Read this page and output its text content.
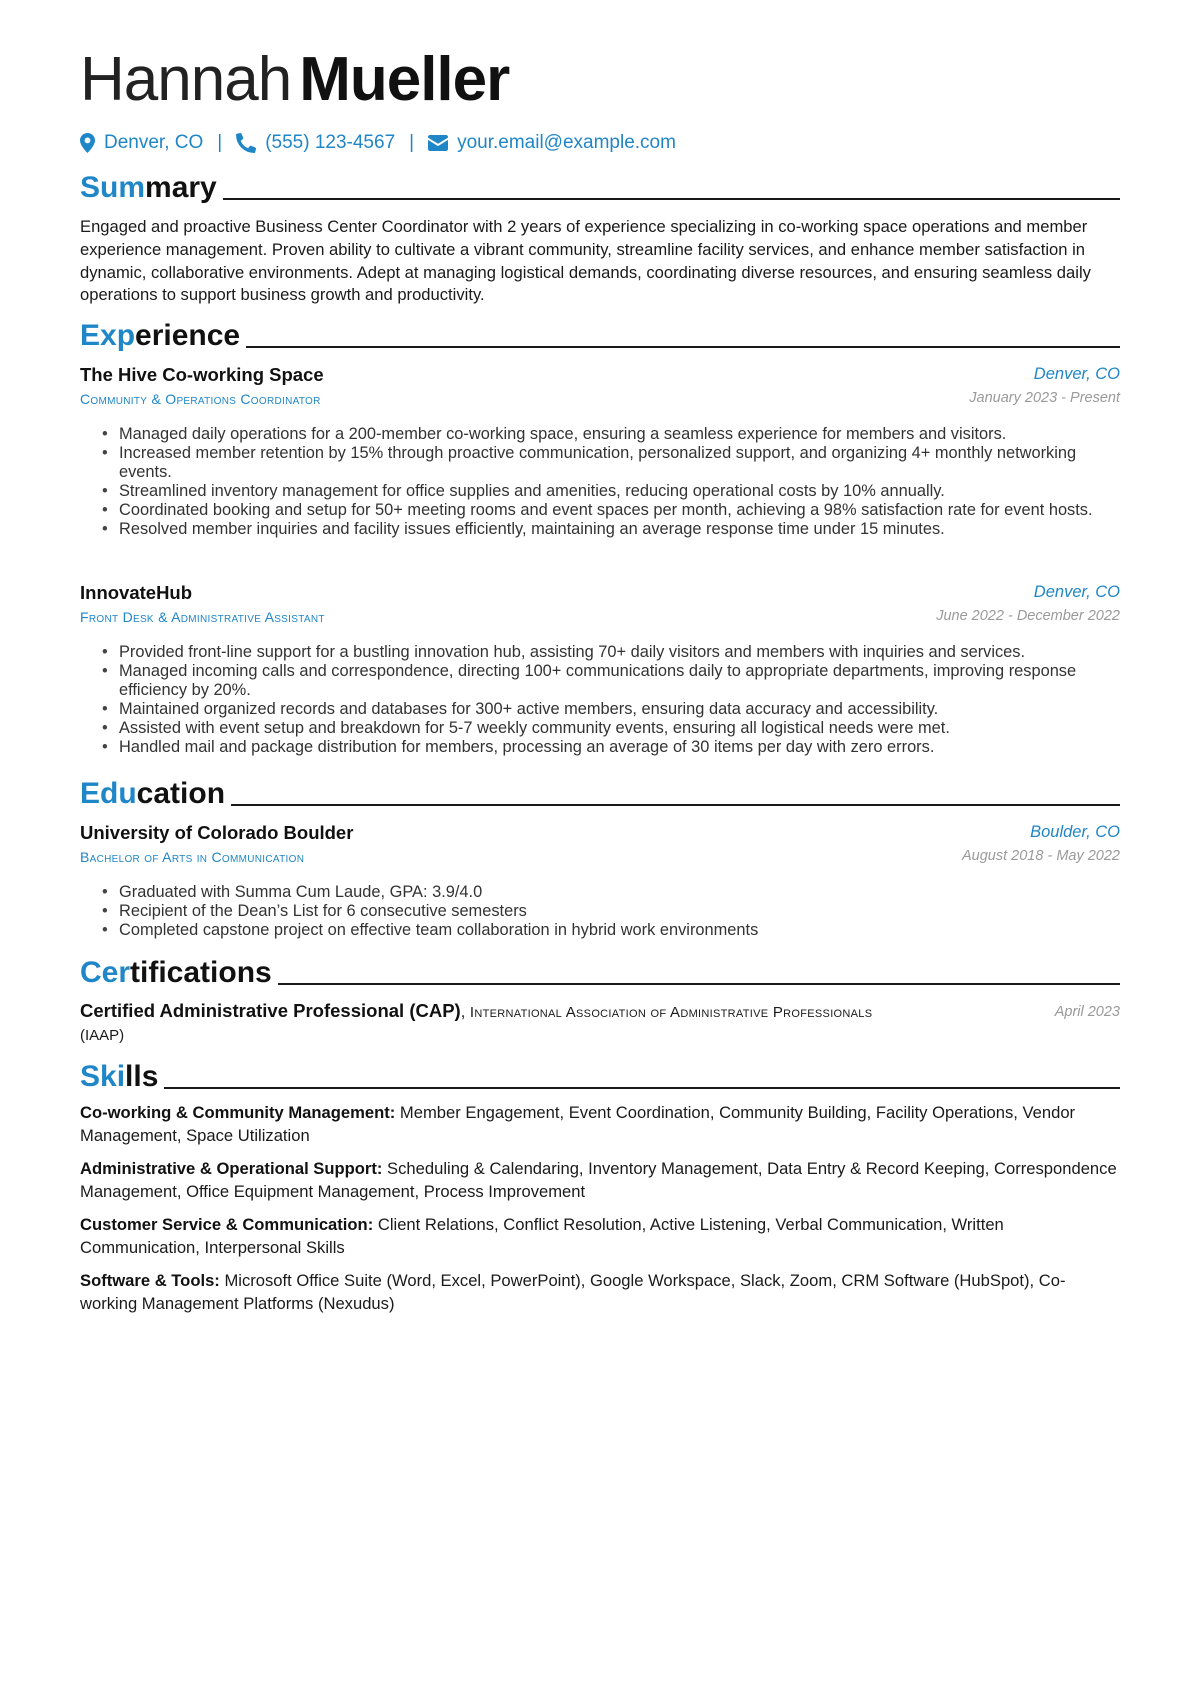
Hannah Mueller
Denver, CO | (555) 123-4567 | your.email@example.com
Summary
Engaged and proactive Business Center Coordinator with 2 years of experience specializing in co-working space operations and member experience management. Proven ability to cultivate a vibrant community, streamline facility services, and enhance member satisfaction in dynamic, collaborative environments. Adept at managing logistical demands, coordinating diverse resources, and ensuring seamless daily operations to support business growth and productivity.
Experience
The Hive Co-working Space	Denver, CO
Community & Operations Coordinator	January 2023 - Present
• Managed daily operations for a 200-member co-working space, ensuring a seamless experience for members and visitors.
• Increased member retention by 15% through proactive communication, personalized support, and organizing 4+ monthly networking events.
• Streamlined inventory management for office supplies and amenities, reducing operational costs by 10% annually.
• Coordinated booking and setup for 50+ meeting rooms and event spaces per month, achieving a 98% satisfaction rate for event hosts.
• Resolved member inquiries and facility issues efficiently, maintaining an average response time under 15 minutes.
InnovateHub	Denver, CO
Front Desk & Administrative Assistant	June 2022 - December 2022
• Provided front-line support for a bustling innovation hub, assisting 70+ daily visitors and members with inquiries and services.
• Managed incoming calls and correspondence, directing 100+ communications daily to appropriate departments, improving response efficiency by 20%.
• Maintained organized records and databases for 300+ active members, ensuring data accuracy and accessibility.
• Assisted with event setup and breakdown for 5-7 weekly community events, ensuring all logistical needs were met.
• Handled mail and package distribution for members, processing an average of 30 items per day with zero errors.
Education
University of Colorado Boulder	Boulder, CO
Bachelor of Arts in Communication	August 2018 - May 2022
• Graduated with Summa Cum Laude, GPA: 3.9/4.0
• Recipient of the Dean’s List for 6 consecutive semesters
• Completed capstone project on effective team collaboration in hybrid work environments
Certifications
Certified Administrative Professional (CAP), International Association of Administrative Professionals
(IAAP)
April 2023
Skills
Co-working & Community Management: Member Engagement, Event Coordination, Community Building, Facility Operations, Vendor Management, Space Utilization
Administrative & Operational Support: Scheduling & Calendaring, Inventory Management, Data Entry & Record Keeping, Correspondence Management, Office Equipment Management, Process Improvement
Customer Service & Communication: Client Relations, Conflict Resolution, Active Listening, Verbal Communication, Written Communication, Interpersonal Skills
Software & Tools: Microsoft Office Suite (Word, Excel, PowerPoint), Google Workspace, Slack, Zoom, CRM Software (HubSpot), Co-working Management Platforms (Nexudus)
